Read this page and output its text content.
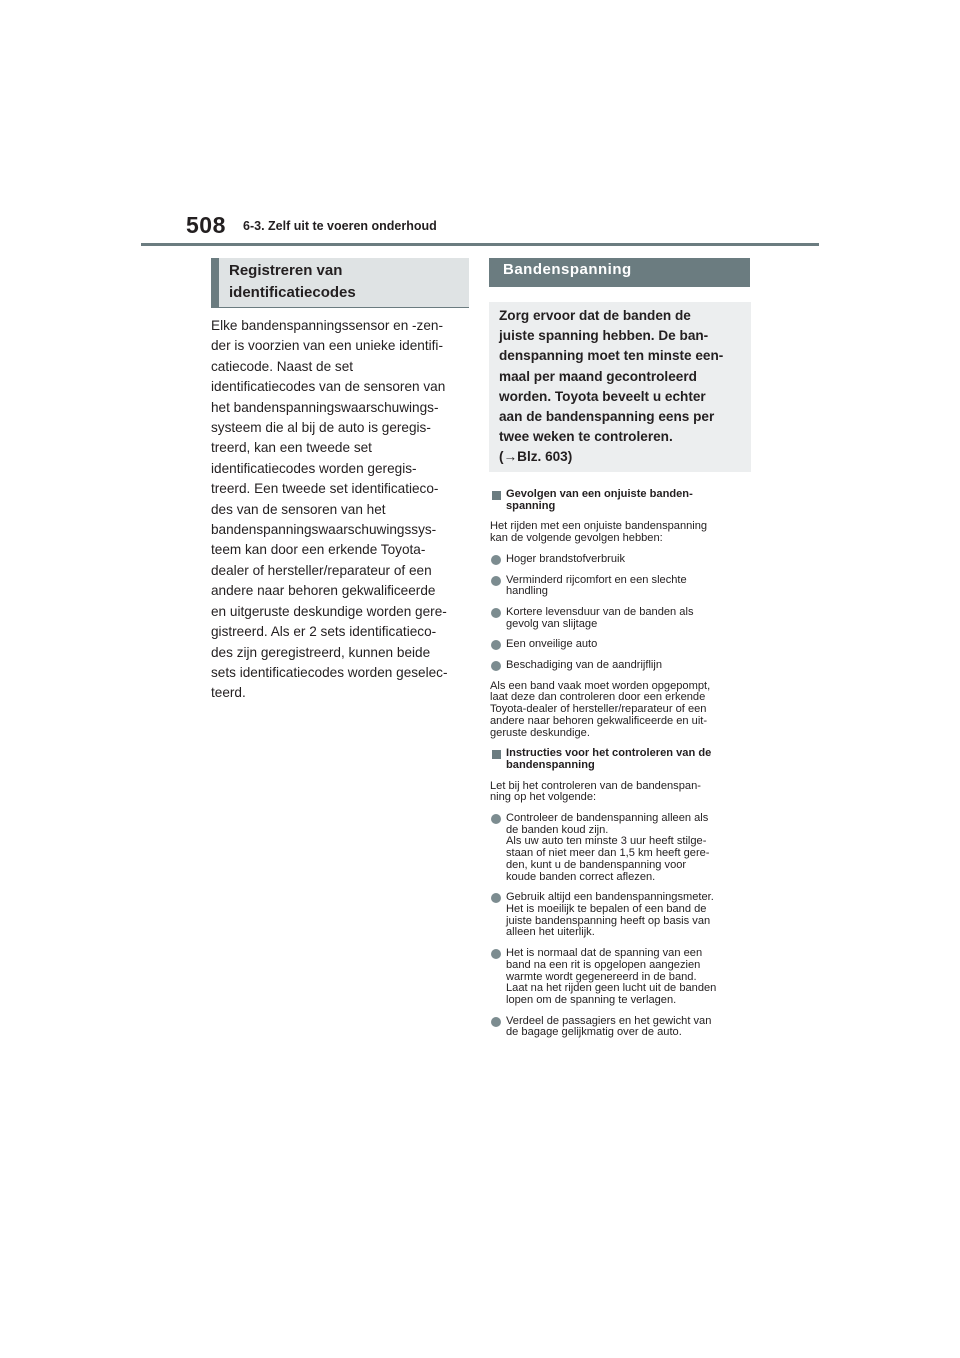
508 6-3. Zelf uit te voeren onderhoud
Registreren van
identificatiecodes
Elke bandenspanningssensor en -zen-
der is voorzien van een unieke identifi-
catiecode. Naast de set
identificatiecodes van de sensoren van
het bandenspanningswaarschuwings-
systeem die al bij de auto is geregis-
treerd, kan een tweede set
identificatiecodes worden geregis-
treerd. Een tweede set identificatieco-
des van de sensoren van het
bandenspanningswaarschuwingssys-
teem kan door een erkende Toyota-
dealer of hersteller/reparateur of een
andere naar behoren gekwalificeerde
en uitgeruste deskundige worden gere-
gistreerd. Als er 2 sets identificatieco-
des zijn geregistreerd, kunnen beide
sets identificatiecodes worden geselec-
teerd.
Bandenspanning
Zorg ervoor dat de banden de
juiste spanning hebben. De ban-
denspanning moet ten minste een-
maal per maand gecontroleerd
worden. Toyota beveelt u echter
aan de bandenspanning eens per
twee weken te controleren.
(→Blz. 603)
Gevolgen van een onjuiste banden-
spanning
Het rijden met een onjuiste bandenspanning
kan de volgende gevolgen hebben:
Hoger brandstofverbruik
Verminderd rijcomfort en een slechte
handling
Kortere levensduur van de banden als
gevolg van slijtage
Een onveilige auto
Beschadiging van de aandrijflijn
Als een band vaak moet worden opgepompt,
laat deze dan controleren door een erkende
Toyota-dealer of hersteller/reparateur of een
andere naar behoren gekwalificeerde en uit-
geruste deskundige.
Instructies voor het controleren van de
bandenspanning
Let bij het controleren van de bandenspan-
ning op het volgende:
Controleer de bandenspanning alleen als
de banden koud zijn.
Als uw auto ten minste 3 uur heeft stilge-
staan of niet meer dan 1,5 km heeft gere-
den, kunt u de bandenspanning voor
koude banden correct aflezen.
Gebruik altijd een bandenspanningsmeter.
Het is moeilijk te bepalen of een band de
juiste bandenspanning heeft op basis van
alleen het uiterlijk.
Het is normaal dat de spanning van een
band na een rit is opgelopen aangezien
warmte wordt gegenereerd in de band.
Laat na het rijden geen lucht uit de banden
lopen om de spanning te verlagen.
Verdeel de passagiers en het gewicht van
de bagage gelijkmatig over de auto.
